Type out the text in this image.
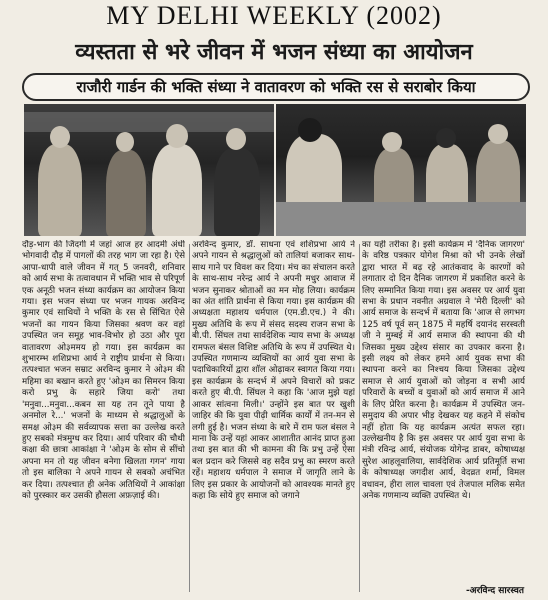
MY DELHI WEEKLY (2002)
व्यस्तता से भरे जीवन में भजन संध्या का आयोजन
राजौरी गार्डन की भक्ति संध्या ने वातावरण को भक्ति रस से सराबोर किया
दौड़-भाग की जिंदगी में जहां आज हर आदमी अंधी भोगवादी दौड़ में पागलों की तरह भाग जा रहा है। ऐसे आपा-धापी वाले जीवन में गत् 5 जनवरी, शनिवार को आर्य सभा के तत्वावधान में भक्ति भाव से परिपूर्ण एक अनूठी भजन संध्या कार्यक्रम का आयोजन किया गया। इस भजन संध्या पर भजन गायक अरविन्द कुमार एवं साथियों ने भक्ति के रस से सिंचित ऐसे भजनों का गायन किया जिसका श्रवण कर वहां उपस्थित जन समूह भाव-विभोर हो उठा और पूरा वातावरण ओ३ममय हो गया। इस कार्यक्रम का शुभारम्भ शशिप्रभा आर्य ने राष्ट्रीय प्रार्थना से किया। तत्पश्चात भजन सम्राट अरविन्द कुमार ने ओ३म की महिमा का बखान करते हुए 'ओ३म का सिमरन किया करो प्रभु के सहारे जिया करो' तथा 'मनुवा...मनुवा...कबन सा यह तन तूने पाया है अनमोल रे...' भजनों के माध्यम से श्रद्धालुओं के समक्ष ओ३म की सर्वव्यापक सत्ता का उल्लेख करते हुए सबको मंत्रमुग्ध कर दिया। आर्य परिवार की चौथी कक्षा की छात्रा आकांक्षा ने 'ओ३म के सोम से सींचो अपना मन तो यह जीवन बनेगा खिलता गगन' गाया तो इस बालिका ने अपने गायन से सबको अचंभित कर दिया। तत्पश्चात ही अनेक अतिथियों ने आकांक्षा को पुरस्कार कर उसकी हौसला अफ़ज़ाई की।
अरविन्द कुमार, डॉ. साधना एवं शशिप्रभा आर्य ने अपने गायन से श्रद्धालुओं को तालियां बजाकर साथ-साथ गाने पर विवश कर दिया। मंच का संचालन करते के साथ-साथ नरेन्द्र आर्य ने अपनी मधुर आवाज में भजन सुनाकर श्रोताओं का मन मोह लिया। कार्यक्रम का अंत शांति प्रार्थना से किया गया। इस कार्यक्रम की अध्यक्षता महाशय धर्मपाल (एम.डी.एच.) ने की। मुख्य अतिथि के रूप में संसद सदस्य राजन सभा के बी.पी. सिंघल तथा सार्वदेशिक न्याय सभा के अध्यक्ष रामफल बंसल विशिष्ट अतिथि के रूप में उपस्थित थे। उपस्थित गणमान्य व्यक्तियों का आर्य युवा सभा के पदाधिकारियों द्वारा शॉल ओढ़ाकर स्वागत किया गया। इस कार्यक्रम के सन्दर्भ में अपने विचारों को प्रकट करते हुए बी.पी. सिंघल ने कहा कि 'आज मुझे यहां आकर सांत्वना मिली।' उन्होंने इस बात पर खुशी जाहिर की कि युवा पीढ़ी धार्मिक कार्यों में तन-मन से लगी हुई है। भजन संध्या के बारे में राम फल बंसल ने माना कि उन्हें यहां आकर आशातीत आनंद प्राप्त हुआ तथा इस बात की भी कामना की कि प्रभु उन्हें ऐसा बल प्रदान करे जिससे वह सदैव प्रभु का स्मरण करते रहें। महाशय धर्मपाल ने समाज में जागृति लाने के लिए इस प्रकार के आयोजनों को आवश्यक मानते हुए कहा कि सोये हुए समाज को जगाने
का यही तरीका है। इसी कार्यक्रम में 'दैनिक जागरण' के वरिष्ठ पत्रकार योगेश मिश्रा को भी उनके लेखों द्वारा भारत में बढ़ रहे आतंकवाद के कारणों को लगातार दो दिन दैनिक जागरण में प्रकाशित करने के लिए सम्मानित किया गया। इस अवसर पर आर्य युवा सभा के प्रधान नवनीत अग्रवाल ने 'मेरी दिल्ली' को आर्य समाज के सन्दर्भ में बताया कि 'आज से लगभग 125 वर्ष पूर्व सन् 1875 में महर्षि दयानंद सरस्वती जी ने मुम्बई में आर्य समाज की स्थापना की थी जिसका मुख्य उद्देश्य संसार का उपकार करना है। इसी लक्ष्य को लेकर हमने आर्य युवक सभा की स्थापना करने का निश्चय किया जिसका उद्देश्य समाज से आर्य युवाओं को जोड़ना व सभी आर्य परिवारों के बच्चों व युवाओं को आर्य समाज में आने के लिए प्रेरित करना है। कार्यक्रम में उपस्थित जन-समुदाय की अपार भीड़ देखकर यह कहने में संकोच नहीं होता कि यह कार्यक्रम अत्यंत सफल रहा। उल्लेखनीय है कि इस अवसर पर आर्य युवा सभा के मंत्री रविन्द्र आर्य, संयोजक योगेन्द्र डाबर, कोषाध्यक्ष सुरेश आहलूवालिया, सार्वदेशिक आर्य प्रतिमूर्ति सभा के कोषाध्यक्ष जगदीश आर्य, वेदव्रत शर्मा, विमल वधावन, हीरा लाल चावला एवं तेजपाल मलिक समेत अनेक गणमान्य व्यक्ति उपस्थित थे।
-अरविन्द सारस्वत
